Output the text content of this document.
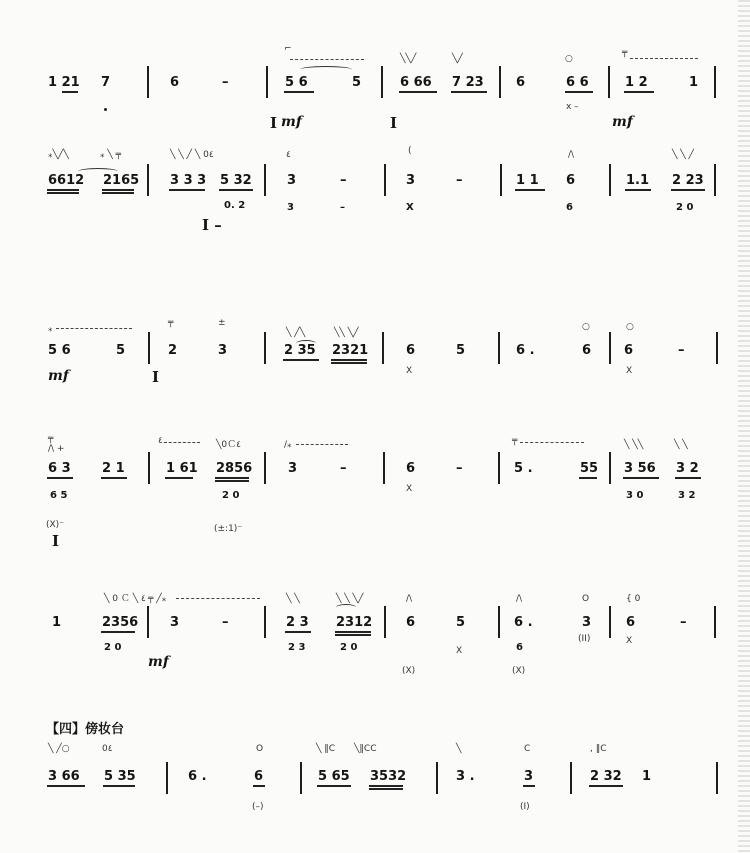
⌐
╲╲╱	╲╱	○
╤
1 21 7	6	–	5 6	5	6 66 7 23 6	6 6
x –
1 2	1
I mf	I	mf
⁎╲╱╲	⁎ ╲ ╤	╲ ╲ ╱ ╲ 0٤	٤	(	/\	╲ ╲ ╱
6612 2165 3 3 3 5 32
0. 2
I –
3	–
3	–
3	–
X
1 1 6
6
1.1 2 23
2 0
⁎
╤	±
╲ ╱╲	╲╲ ╲╱
○	○
5 6	5	2	3	2 35 2321	6
X
5	6 .	6	6
X
–
mf	I
╤
/\ +
٤	╲0Ｃ٤	/⁎	╤	╲ ╲╲	╲ ╲
6 3
6 5
(X)⁻
I
2 1	1 61 2856
2 0
(±:1)⁻
3	–	6
X
–	5 .	55 3 56 3 2
3 0	3 2
╲ 0 Ｃ ╲ ٤ ╤ ╱⁎	╲ ╲	╲ ╲ ╲╱	/\	/\	O	{ 0
1	2356
2 0
3	–	2 3
2 3
2312
2 0
6
(X)
5
X
6 .
6
(X)
3
(II)
6
X
–
mf
【四】傍妆台
╲ ╱○	0٤	O	╲ ‖C ╲‖CC	╲	C	, ‖C
3 66 5 35	6 .	6
(–)
5 65 3532	3 .	3
(I)
2 32 1
